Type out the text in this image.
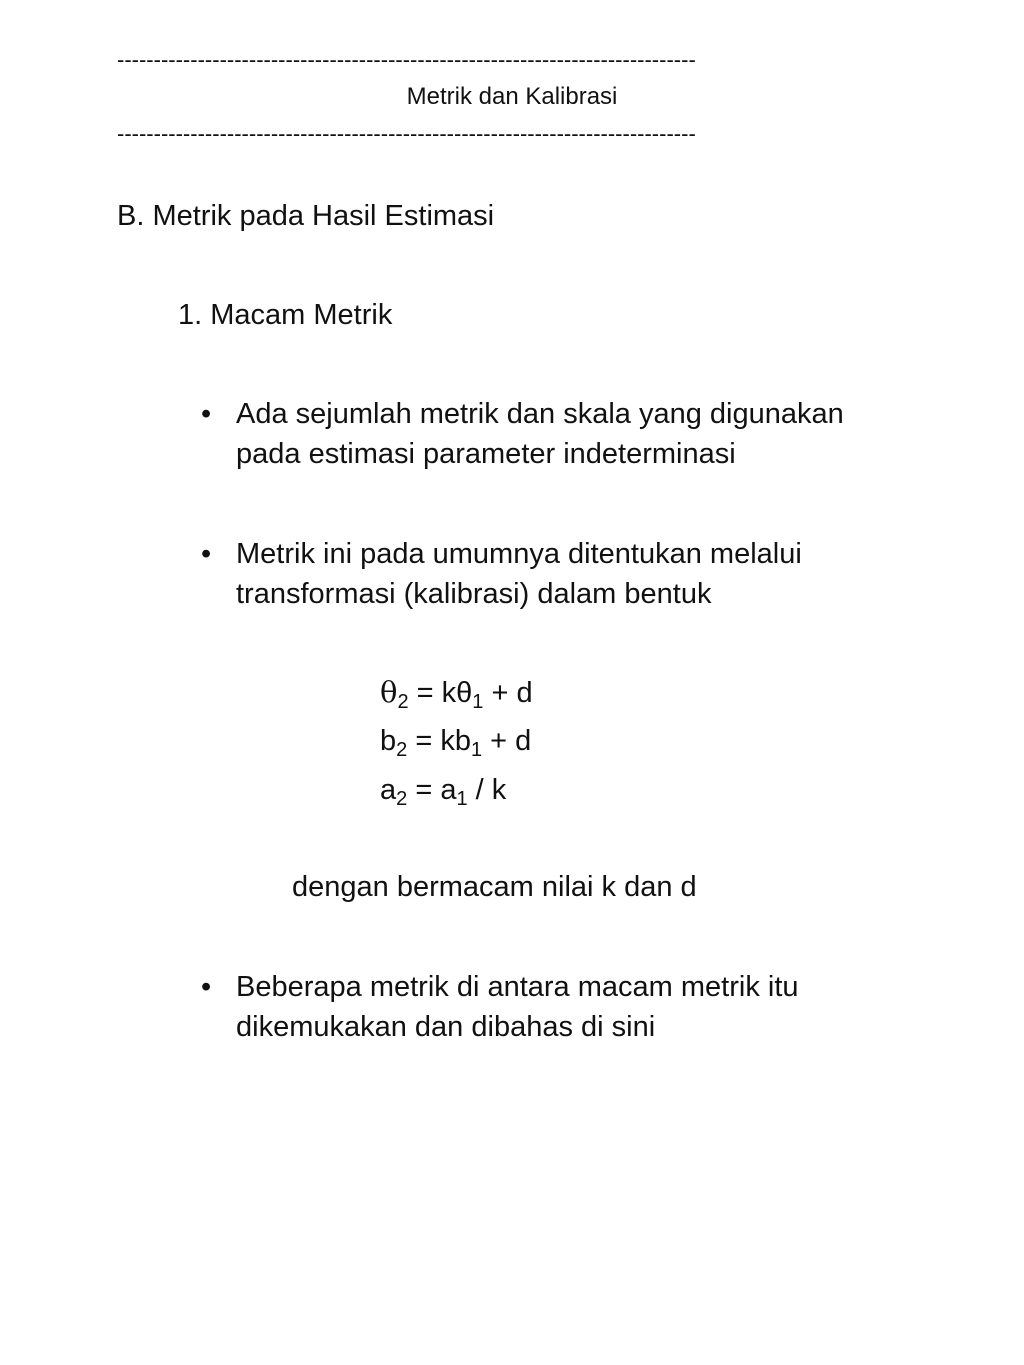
-------------------------------------------------------------------------------
Metrik dan Kalibrasi
-------------------------------------------------------------------------------
B. Metrik pada Hasil Estimasi
1. Macam Metrik
• Ada sejumlah metrik dan skala yang digunakan
pada estimasi parameter indeterminasi
• Metrik ini pada umumnya ditentukan melalui
transformasi (kalibrasi) dalam bentuk
$\theta_2 = k\theta_1 + d$
$b_2 = kb_1 + d$
$a_2 = a_1 / k$
dengan bermacam nilai k dan d
• Beberapa metrik di antara macam metrik itu
dikemukakan dan dibahas di sini
